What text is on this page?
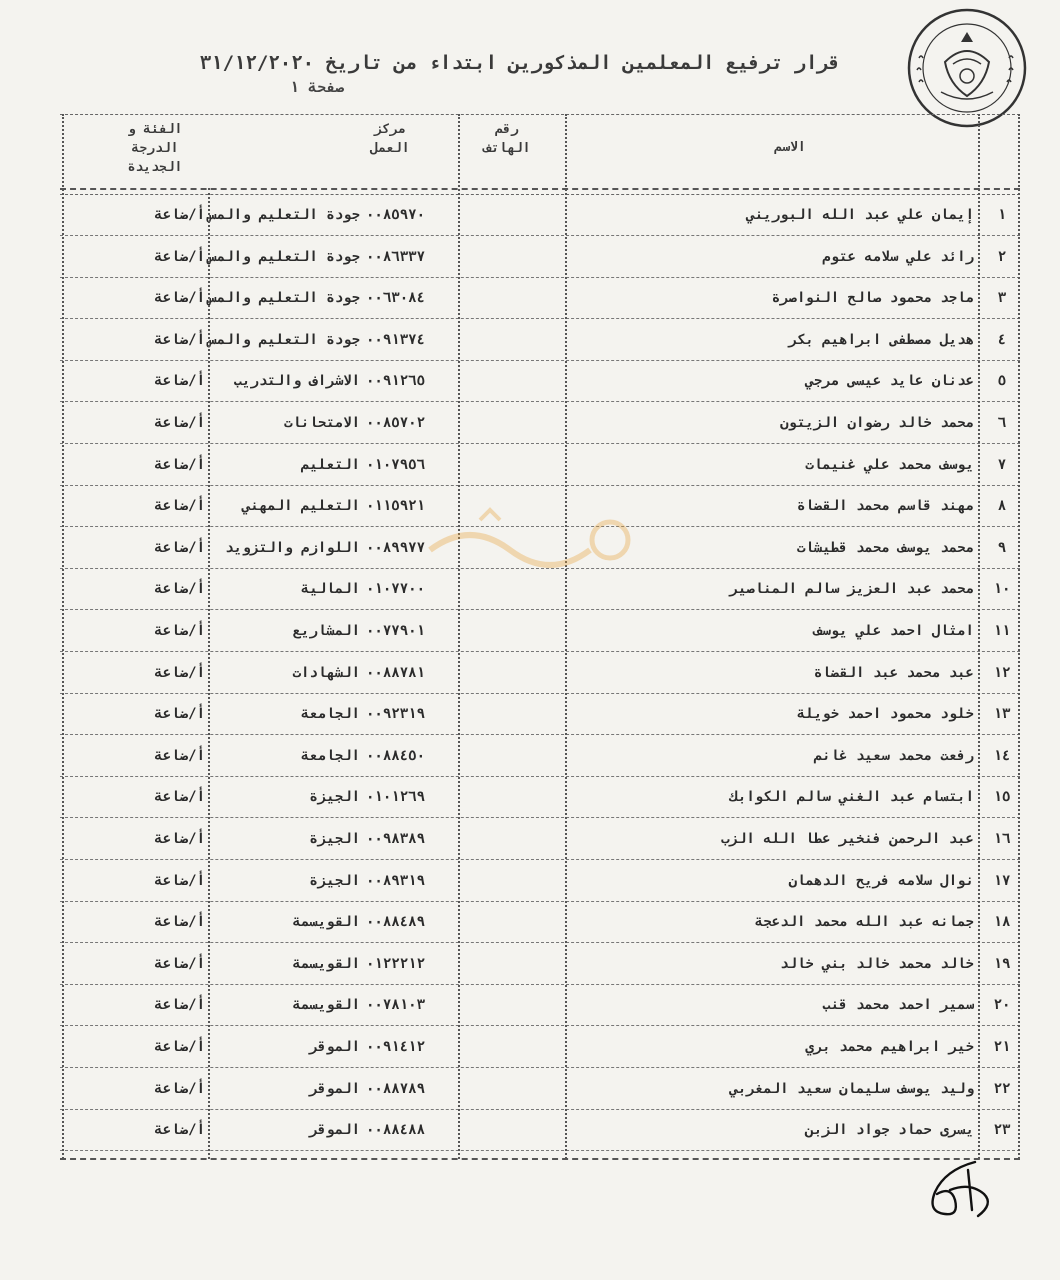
قرار ترفيع المعلمين المذكورين ابتداء من تاريخ ٣١/١٢/٢٠٢٠
صفحة ١
الاسم
رقم
الهاتف
مركز
العمل
الفئة و
الدرجة
الجديدة
١
إيمان علي عبد الله البوريني
٠٠٨٥٩٧٠
جودة التعليم والمس
أ/ضاعة
٢
رائد علي سلامه عتوم
٠٠٨٦٣٣٧
جودة التعليم والمس
أ/ضاعة
٣
ماجد محمود صالح النواصرة
٠٠٦٣٠٨٤
جودة التعليم والمس
أ/ضاعة
٤
هديل مصطفى ابراهيم بكر
٠٠٩١٣٧٤
جودة التعليم والمس
أ/ضاعة
٥
عدنان عايد عيسى مرجي
٠٠٩١٢٦٥
الاشراف والتدريب
أ/ضاعة
٦
محمد خالد رضوان الزيتون
٠٠٨٥٧٠٢
الامتحانات
أ/ضاعة
٧
يوسف محمد علي غنيمات
٠١٠٧٩٥٦
التعليم
أ/ضاعة
٨
مهند قاسم محمد القضاة
٠١١٥٩٢١
التعليم المهني
أ/ضاعة
٩
محمد يوسف محمد قطيشات
٠٠٨٩٩٧٧
اللوازم والتزويد
أ/ضاعة
١٠
محمد عبد العزيز سالم المناصير
٠١٠٧٧٠٠
المالية
أ/ضاعة
١١
امثال احمد علي يوسف
٠٠٧٧٩٠١
المشاريع
أ/ضاعة
١٢
عبد محمد عبد القضاة
٠٠٨٨٧٨١
الشهادات
أ/ضاعة
١٣
خلود محمود احمد خويلة
٠٠٩٢٣١٩
الجامعة
أ/ضاعة
١٤
رفعت محمد سعيد غانم
٠٠٨٨٤٥٠
الجامعة
أ/ضاعة
١٥
ابتسام عبد الغني سالم الكوابك
٠١٠١٢٦٩
الجيزة
أ/ضاعة
١٦
عبد الرحمن فنخير عطا الله الزب
٠٠٩٨٣٨٩
الجيزة
أ/ضاعة
١٧
نوال سلامه فريح الدهمان
٠٠٨٩٣١٩
الجيزة
أ/ضاعة
١٨
جمانه عبد الله محمد الدعجة
٠٠٨٨٤٨٩
القويسمة
أ/ضاعة
١٩
خالد محمد خالد بني خالد
٠١٢٢٢١٢
القويسمة
أ/ضاعة
٢٠
سمير احمد محمد قنب
٠٠٧٨١٠٣
القويسمة
أ/ضاعة
٢١
خير ابراهيم محمد بري
٠٠٩١٤١٢
الموقر
أ/ضاعة
٢٢
وليد يوسف سليمان سعيد المغربي
٠٠٨٨٧٨٩
الموقر
أ/ضاعة
٢٣
يسرى حماد جواد الزبن
٠٠٨٨٤٨٨
الموقر
أ/ضاعة
